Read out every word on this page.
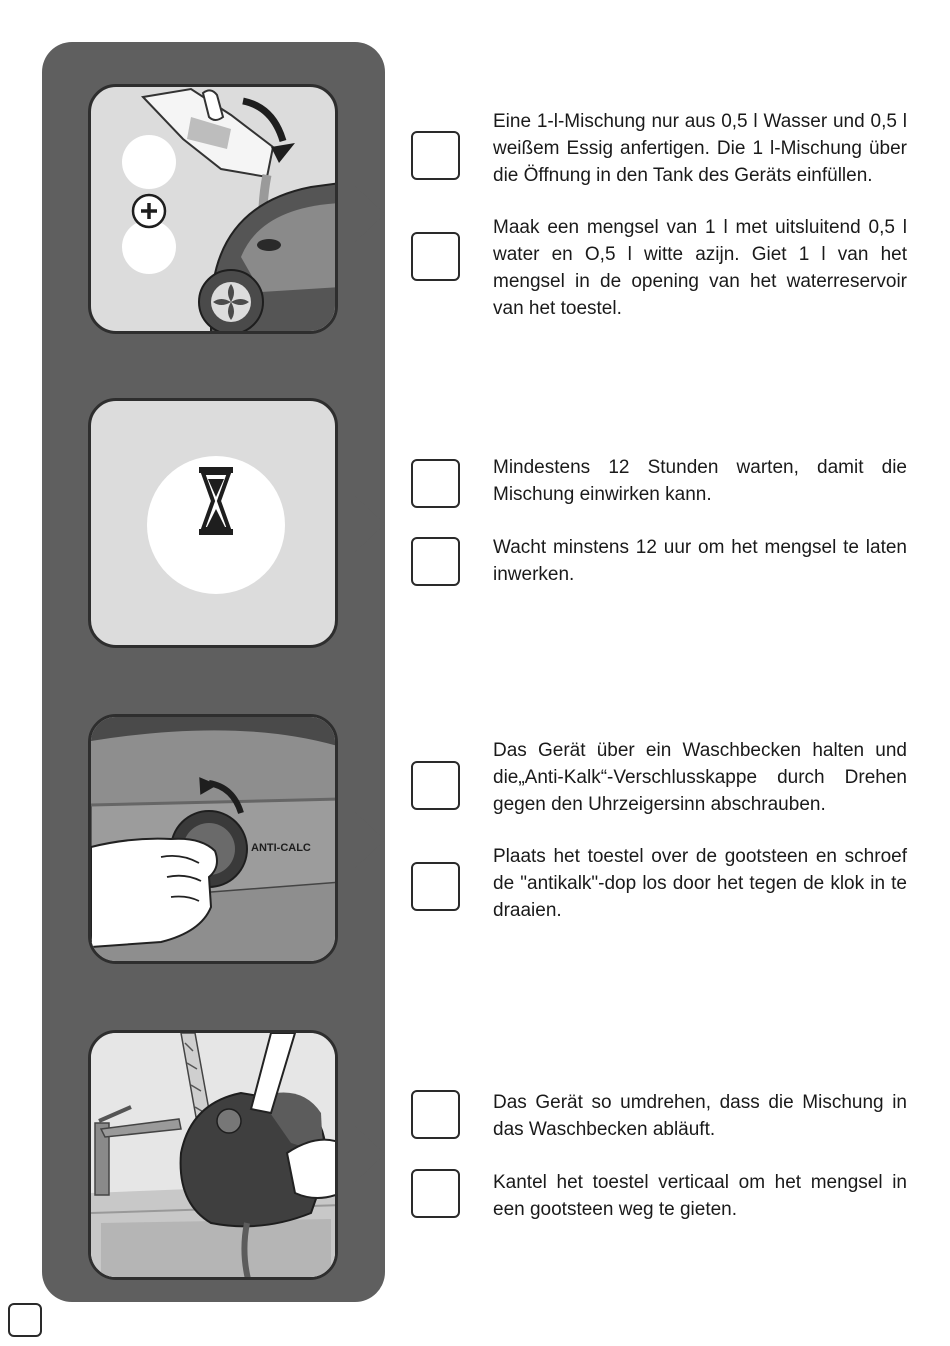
ANTI-CALC

Eine 1-l-Mischung nur aus 0,5 l Wasser und 0,5 l weißem Essig anfertigen. Die 1 l-Mischung über die Öffnung in den Tank des Geräts einfüllen.

Maak een mengsel van 1 l met uitsluitend 0,5 l water en O,5 l witte azijn. Giet 1 l van het mengsel in de opening van het waterreservoir van het toestel.

Mindestens 12 Stunden warten, damit die Mischung einwirken kann.

Wacht minstens 12 uur om het mengsel te laten inwerken.

Das Gerät über ein Waschbecken halten und die„Anti-Kalk“-Verschlusskappe durch Drehen gegen den Uhrzeigersinn abschrauben.

Plaats het toestel over de gootsteen en schroef de "antikalk"-dop los door het tegen de klok in te draaien.

Das Gerät so umdrehen, dass die Mischung in das Waschbecken abläuft.

Kantel het toestel verticaal om het mengsel in een gootsteen weg te gieten.
